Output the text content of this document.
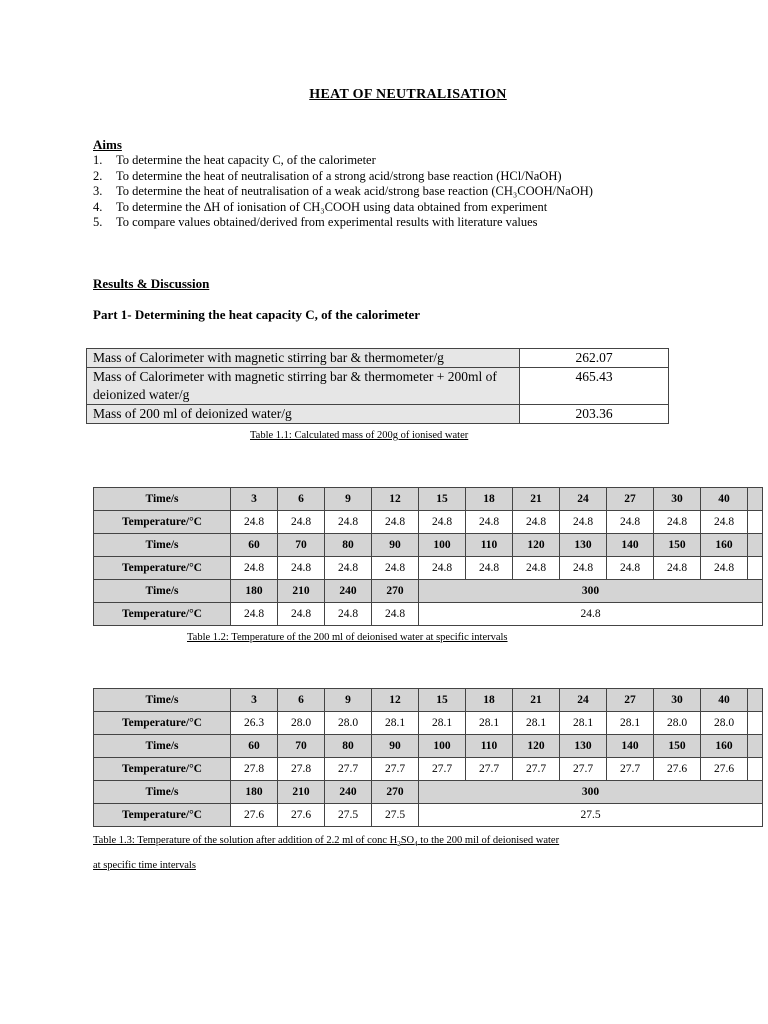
HEAT OF NEUTRALISATION
Aims
1.	To determine the heat capacity C, of the calorimeter
2.	To determine the heat of neutralisation of a strong acid/strong base reaction (HCl/NaOH)
3.	To determine the heat of neutralisation of a weak acid/strong base reaction (CH₃COOH/NaOH)
4.	To determine the ∆H of ionisation of CH₃COOH using data obtained from experiment
5.	To compare values obtained/derived from experimental results with literature values
Results & Discussion
Part 1- Determining the heat capacity C, of the calorimeter
Mass of Calorimeter with magnetic stirring bar & thermometer/g	262.07
Mass of Calorimeter with magnetic stirring bar & thermometer + 200ml of deionized water/g	465.43
Mass of 200 ml of deionized water/g	203.36
Table 1.1: Calculated mass of 200g of ionised water
Time/s	3	6	9	12	15	18	21	24	27	30	40	
Temperature/°C	24.8	24.8	24.8	24.8	24.8	24.8	24.8	24.8	24.8	24.8	24.8	
Time/s	60	70	80	90	100	110	120	130	140	150	160	
Temperature/°C	24.8	24.8	24.8	24.8	24.8	24.8	24.8	24.8	24.8	24.8	24.8	
Time/s	180	210	240	270	300							
Temperature/°C	24.8	24.8	24.8	24.8	24.8							
Table 1.2: Temperature of the 200 ml of deionised water at specific intervals
Time/s	3	6	9	12	15	18	21	24	27	30	40	
Temperature/°C	26.3	28.0	28.0	28.1	28.1	28.1	28.1	28.1	28.1	28.0	28.0	
Time/s	60	70	80	90	100	110	120	130	140	150	160	
Temperature/°C	27.8	27.8	27.7	27.7	27.7	27.7	27.7	27.7	27.7	27.6	27.6	
Time/s	180	210	240	270	300							
Temperature/°C	27.6	27.6	27.5	27.5	27.5							
Table 1.3: Temperature of the solution after addition of 2.2 ml of conc $H_2SO_4$ to the 200 mil of deionised water
at specific time intervals
